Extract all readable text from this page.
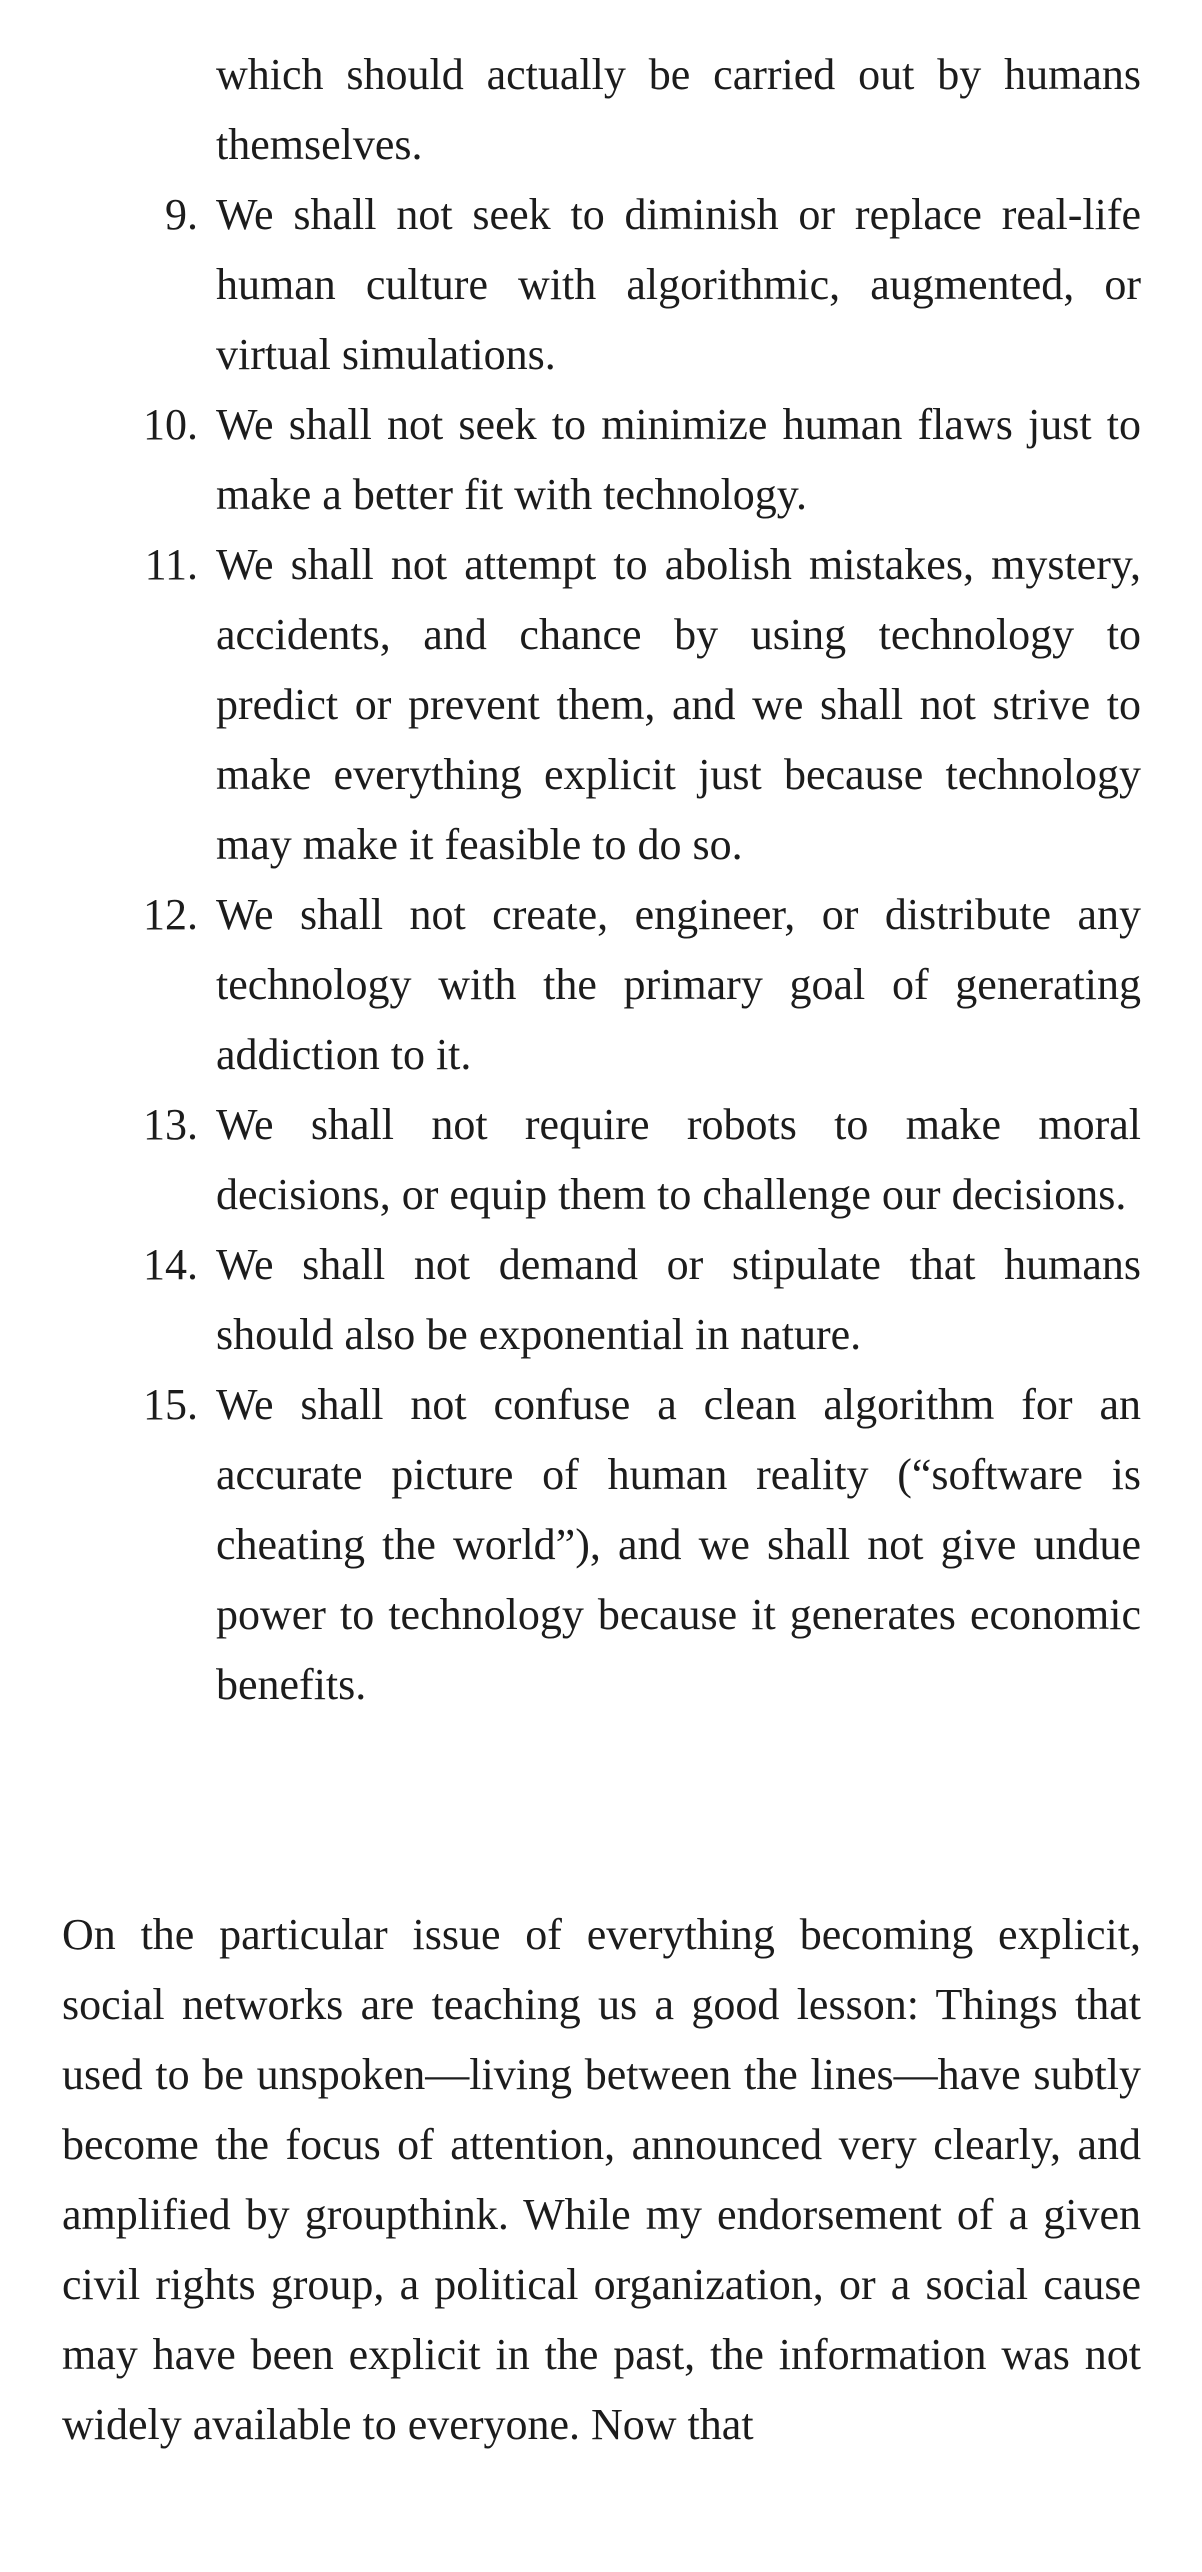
which should actually be carried out by humans themselves.
9. We shall not seek to diminish or replace real-life human culture with algorithmic, augmented, or virtual simulations.
10. We shall not seek to minimize human flaws just to make a better fit with technology.
11. We shall not attempt to abolish mistakes, mystery, accidents, and chance by using technology to predict or prevent them, and we shall not strive to make everything explicit just because technology may make it feasible to do so.
12. We shall not create, engineer, or distribute any technology with the primary goal of generating addiction to it.
13. We shall not require robots to make moral decisions, or equip them to challenge our decisions.
14. We shall not demand or stipulate that humans should also be exponential in nature.
15. We shall not confuse a clean algorithm for an accurate picture of human reality (“software is cheating the world”), and we shall not give undue power to technology because it generates economic benefits.

On the particular issue of everything becoming explicit, social networks are teaching us a good lesson: Things that used to be unspoken—living between the lines—have subtly become the focus of attention, announced very clearly, and amplified by groupthink. While my endorsement of a given civil rights group, a political organization, or a social cause may have been explicit in the past, the information was not widely available to everyone. Now that
